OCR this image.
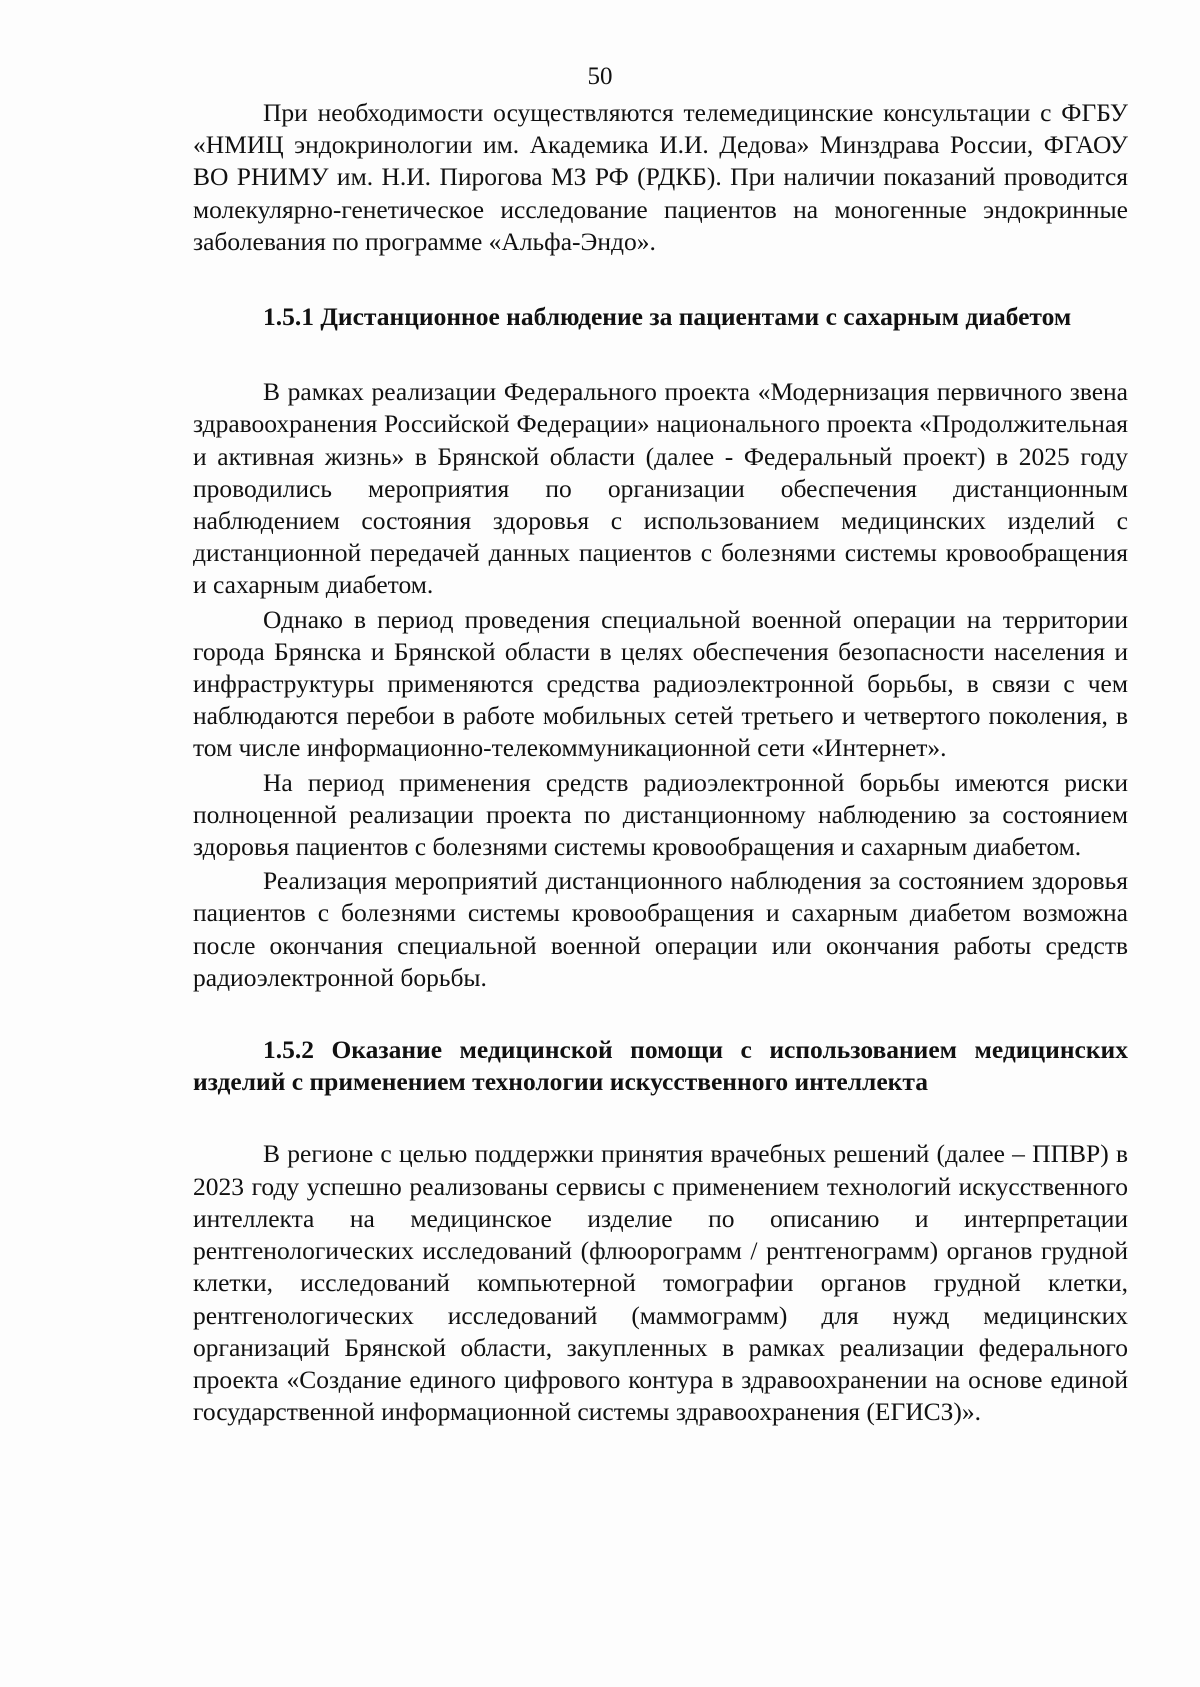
50

При необходимости осуществляются телемедицинские консультации с ФГБУ «НМИЦ эндокринологии им. Академика И.И. Дедова» Минздрава России, ФГАОУ ВО РНИМУ им. Н.И. Пирогова МЗ РФ (РДКБ). При наличии показаний проводится молекулярно-генетическое исследование пациентов на моногенные эндокринные заболевания по программе «Альфа-Эндо».

1.5.1 Дистанционное наблюдение за пациентами с сахарным диабетом

В рамках реализации Федерального проекта «Модернизация первичного звена здравоохранения Российской Федерации» национального проекта «Продолжительная и активная жизнь» в Брянской области (далее - Федеральный проект) в 2025 году проводились мероприятия по организации обеспечения дистанционным наблюдением состояния здоровья с использованием медицинских изделий с дистанционной передачей данных пациентов с болезнями системы кровообращения и сахарным диабетом.

Однако в период проведения специальной военной операции на территории города Брянска и Брянской области в целях обеспечения безопасности населения и инфраструктуры применяются средства радиоэлектронной борьбы, в связи с чем наблюдаются перебои в работе мобильных сетей третьего и четвертого поколения, в том числе информационно-телекоммуникационной сети «Интернет».

На период применения средств радиоэлектронной борьбы имеются риски полноценной реализации проекта по дистанционному наблюдению за состоянием здоровья пациентов с болезнями системы кровообращения и сахарным диабетом.

Реализация мероприятий дистанционного наблюдения за состоянием здоровья пациентов с болезнями системы кровообращения и сахарным диабетом возможна после окончания специальной военной операции или окончания работы средств радиоэлектронной борьбы.

1.5.2 Оказание медицинской помощи с использованием медицинских изделий с применением технологии искусственного интеллекта

В регионе с целью поддержки принятия врачебных решений (далее – ППВР) в 2023 году успешно реализованы сервисы с применением технологий искусственного интеллекта на медицинское изделие по описанию и интерпретации рентгенологических исследований (флюорограмм / рентгенограмм) органов грудной клетки, исследований компьютерной томографии органов грудной клетки, рентгенологических исследований (маммограмм) для нужд медицинских организаций Брянской области, закупленных в рамках реализации федерального проекта «Создание единого цифрового контура в здравоохранении на основе единой государственной информационной системы здравоохранения (ЕГИСЗ)».
